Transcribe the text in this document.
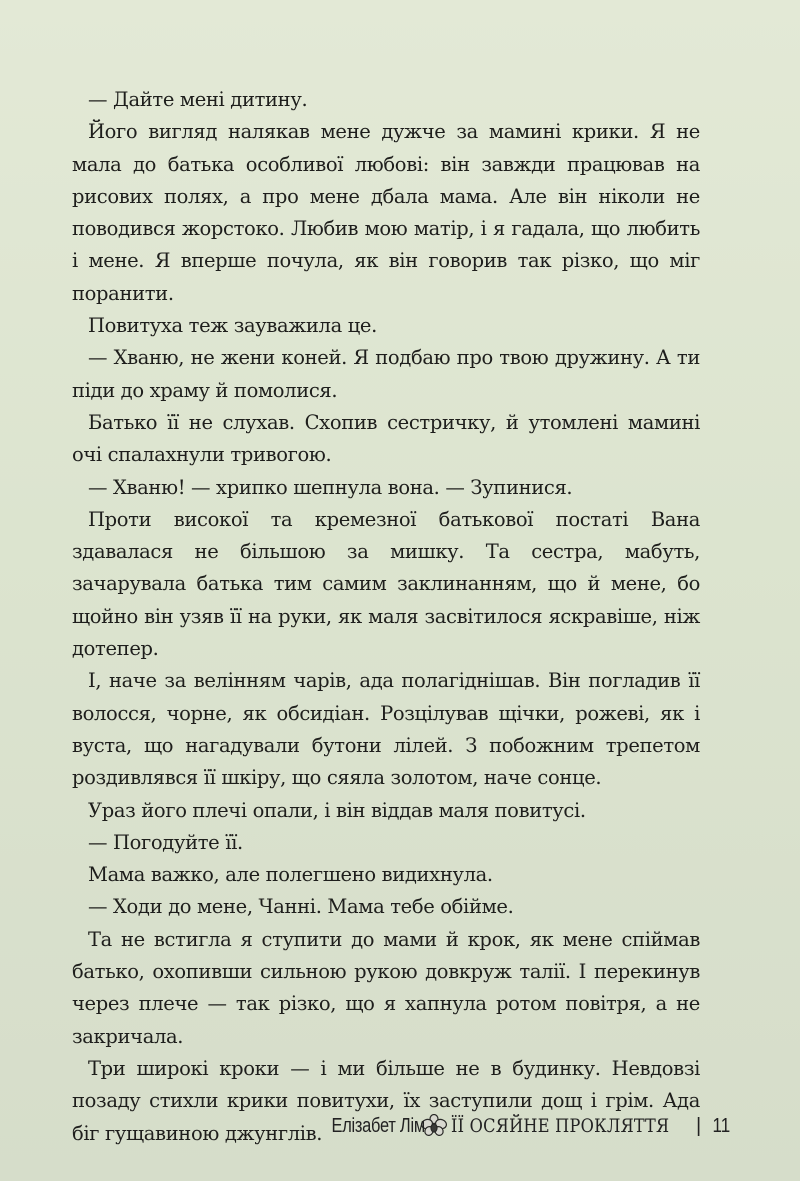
— Дайте мені дитину.

Його вигляд налякав мене дужче за мамині крики. Я не мала до батька особливої любові: він завжди працював на рисових полях, а про мене дбала мама. Але він ніколи не поводився жорстоко. Любив мою матір, і я гадала, що любить і мене. Я вперше почула, як він говорив так різко, що міг поранити.

Повитуха теж зауважила це.

— Хваню, не жени коней. Я подбаю про твою дружину. А ти піди до храму й помолися.

Батько її не слухав. Схопив сестричку, й утомлені мамині очі спалахнули тривогою.

— Хваню! — хрипко шепнула вона. — Зупинися.

Проти високої та кремезної батькової постаті Вана здавалася не більшою за мишку. Та сестра, мабуть, зачарувала батька тим самим заклинанням, що й мене, бо щойно він узяв її на руки, як маля засвітилося яскравіше, ніж дотепер.

І, наче за велінням чарів, ада полагіднішав. Він погладив її волосся, чорне, як обсидіан. Розцілував щічки, рожеві, як і вуста, що нагадували бутони лілей. З побожним трепетом роздивлявся її шкіру, що сяяла золотом, наче сонце.

Ураз його плечі опали, і він віддав маля повитусі.

— Погодуйте її.

Мама важко, але полегшено видихнула.

— Ходи до мене, Чанні. Мама тебе обійме.

Та не встигла я ступити до мами й крок, як мене спіймав батько, охопивши сильною рукою довкруж талії. І перекинув через плече — так різко, що я хапнула ротом повітря, а не закричала.

Три широкі кроки — і ми більше не в будинку. Невдовзі позаду стихли крики повитухи, їх заступили дощ і грім. Ада біг гущавиною джунглів. Елізабет Лім ЇЇ ОСЯЙНЕ ПРОКЛЯТТЯ | 11
